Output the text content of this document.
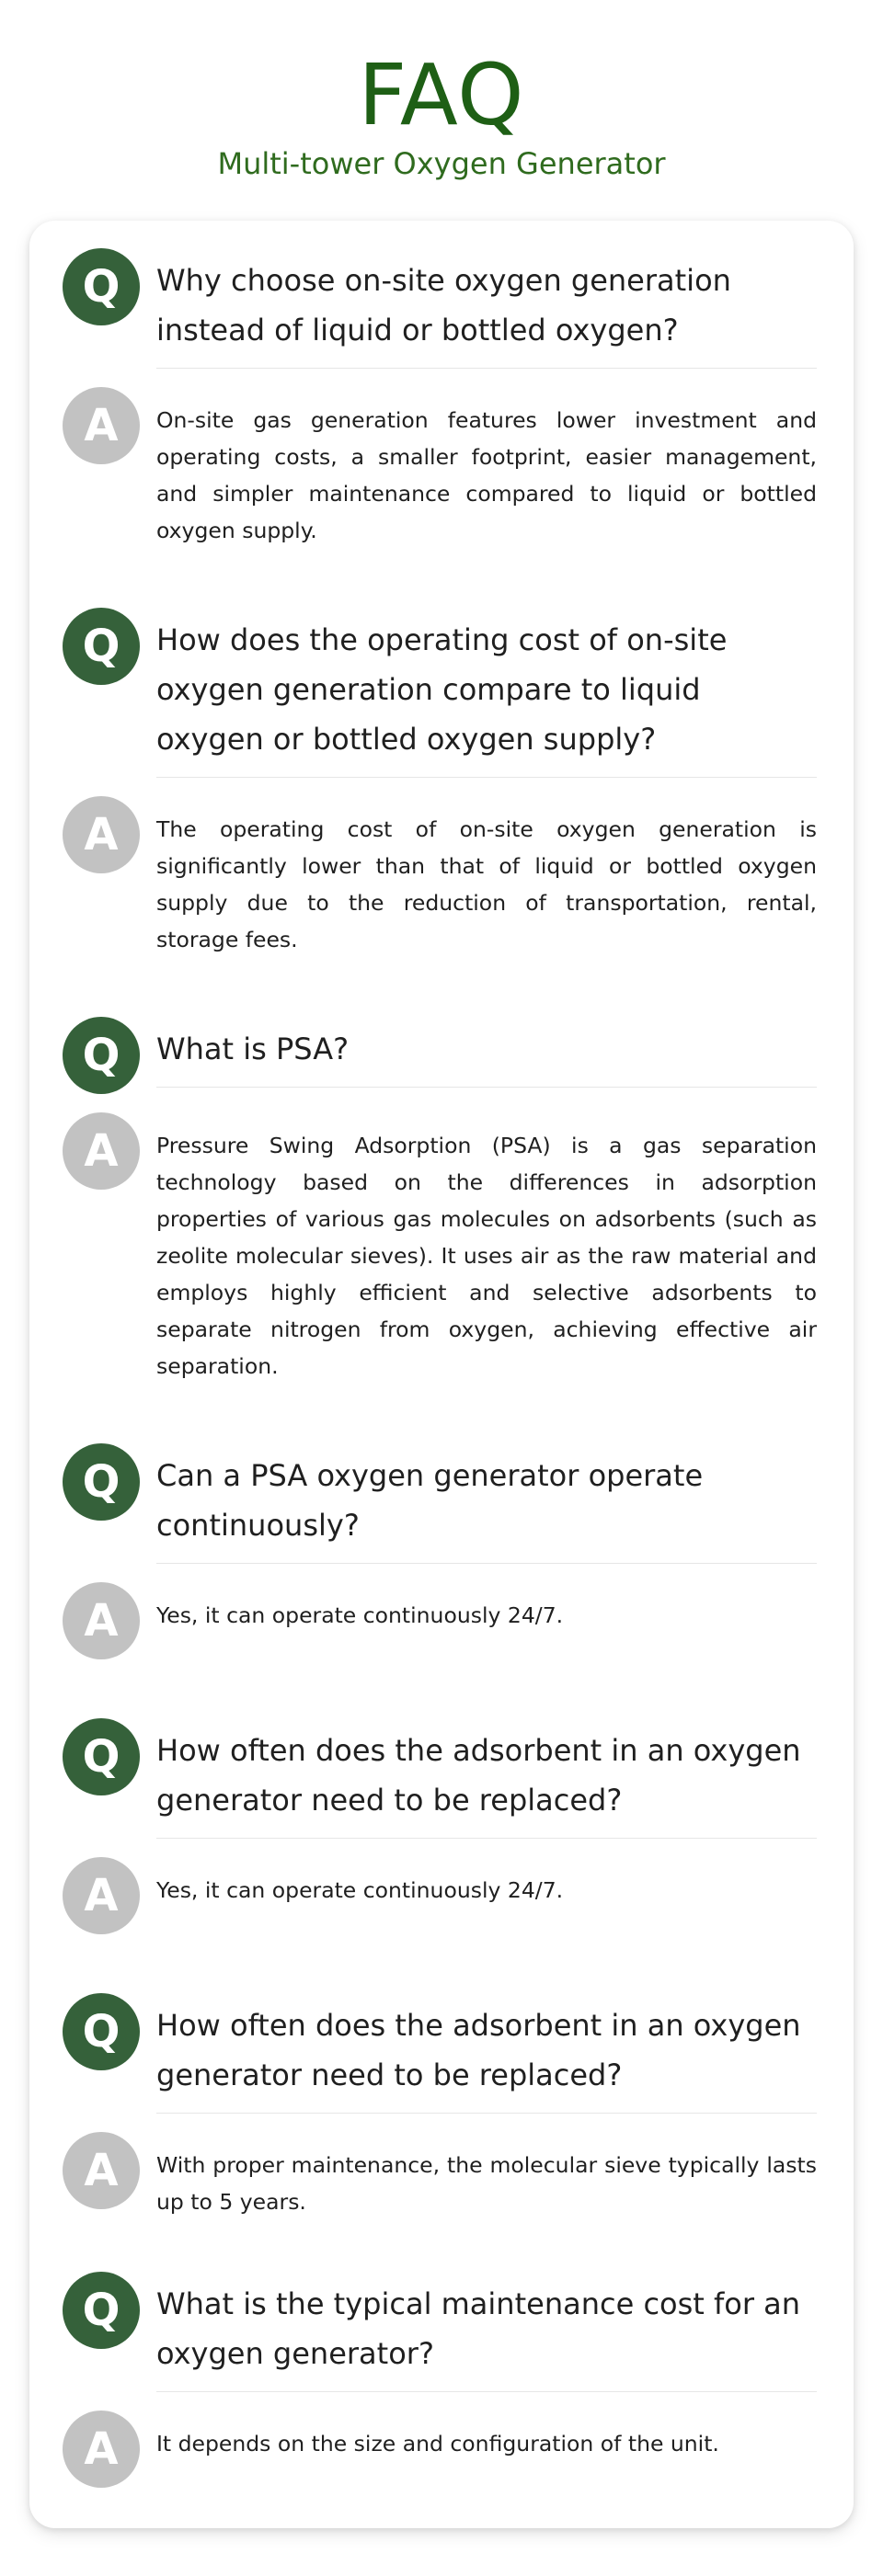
FAQ
Multi-tower Oxygen Generator
Q	Why choose on-site oxygen generation instead of liquid or bottled oxygen?

A	On-site gas generation features lower investment and operating costs, a smaller footprint, easier management, and simpler maintenance compared to liquid or bottled oxygen supply.
Q	How does the operating cost of on-site oxygen generation compare to liquid oxygen or bottled oxygen supply?

A	The operating cost of on-site oxygen generation is significantly lower than that of liquid or bottled oxygen supply due to the reduction of transportation, rental, storage fees.
Q	What is PSA?

A	Pressure Swing Adsorption (PSA) is a gas separation technology based on the differences in adsorption properties of various gas molecules on adsorbents (such as zeolite molecular sieves). It uses air as the raw material and employs highly efficient and selective adsorbents to separate nitrogen from oxygen, achieving effective air separation.
Q	Can a PSA oxygen generator operate continuously?

A	Yes, it can operate continuously 24/7.
Q	How often does the adsorbent in an oxygen generator need to be replaced?

A	Yes, it can operate continuously 24/7.
Q	How often does the adsorbent in an oxygen generator need to be replaced?

A	With proper maintenance, the molecular sieve typically lasts up to 5 years.
Q	What is the typical maintenance cost for an oxygen generator?

A	It depends on the size and configuration of the unit.
